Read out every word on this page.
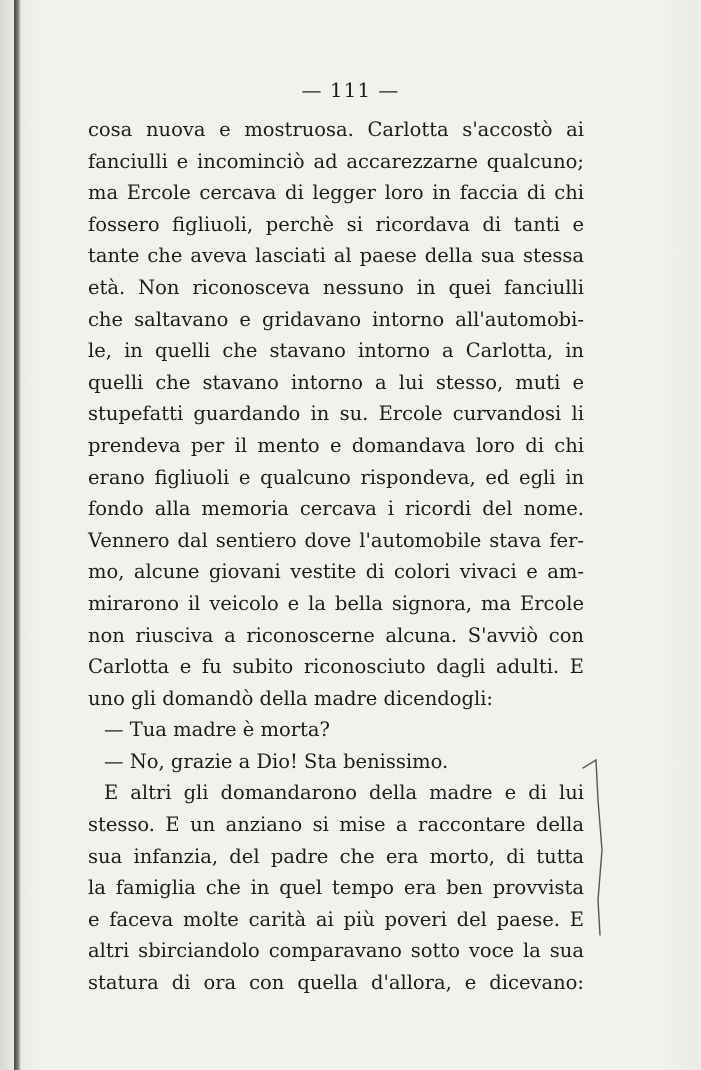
— 111 —
cosa nuova e mostruosa. Carlotta s'accostò ai
fanciulli e incominciò ad accarezzarne qualcuno;
ma Ercole cercava di legger loro in faccia di chi
fossero figliuoli, perchè si ricordava di tanti e
tante che aveva lasciati al paese della sua stessa
età. Non riconosceva nessuno in quei fanciulli
che saltavano e gridavano intorno all'automobi-
le, in quelli che stavano intorno a Carlotta, in
quelli che stavano intorno a lui stesso, muti e
stupefatti guardando in su. Ercole curvandosi li
prendeva per il mento e domandava loro di chi
erano figliuoli e qualcuno rispondeva, ed egli in
fondo alla memoria cercava i ricordi del nome.
Vennero dal sentiero dove l'automobile stava fer-
mo, alcune giovani vestite di colori vivaci e am-
mirarono il veicolo e la bella signora, ma Ercole
non riusciva a riconoscerne alcuna. S'avviò con
Carlotta e fu subito riconosciuto dagli adulti. E
uno gli domandò della madre dicendogli:
— Tua madre è morta?
— No, grazie a Dio! Sta benissimo.
E altri gli domandarono della madre e di lui
stesso. E un anziano si mise a raccontare della
sua infanzia, del padre che era morto, di tutta
la famiglia che in quel tempo era ben provvista
e faceva molte carità ai più poveri del paese. E
altri sbirciandolo comparavano sotto voce la sua
statura di ora con quella d'allora, e dicevano:
